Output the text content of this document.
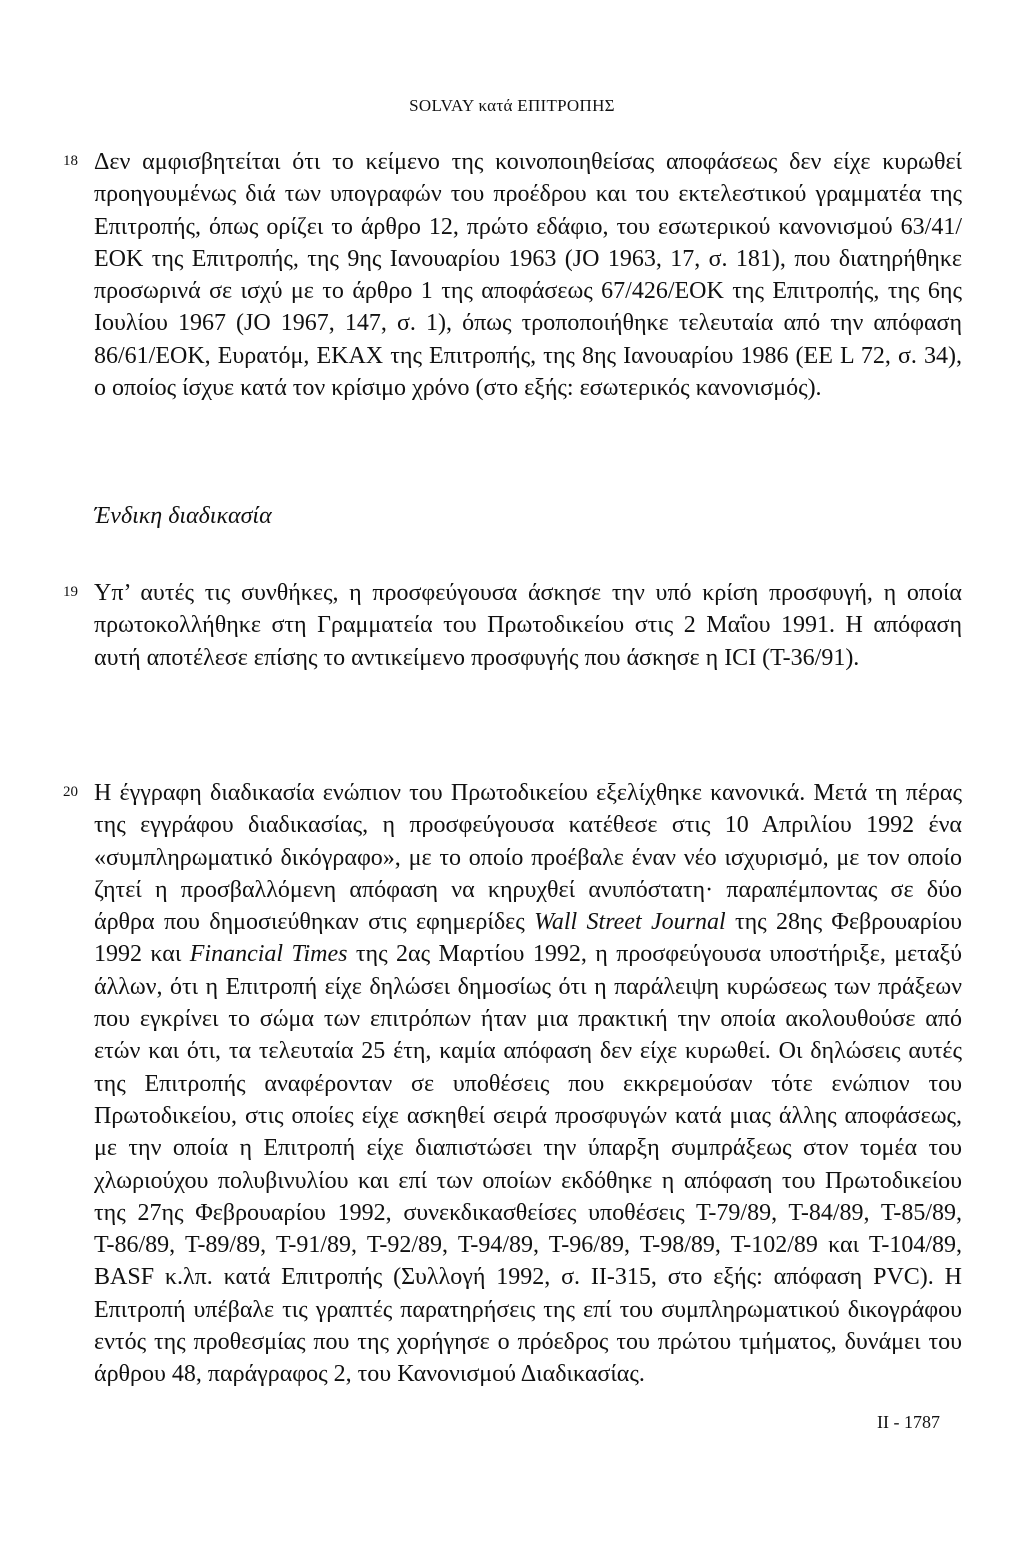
SOLVAY κατά ΕΠΙΤΡΟΠΗΣ
18 Δεν αμφισβητείται ότι το κείμενο της κοινοποιηθείσας αποφάσεως δεν είχε κυρωθεί προηγουμένως διά των υπογραφών του προέδρου και του εκτελεστικού γραμματέα της Επιτροπής, όπως ορίζει το άρθρο 12, πρώτο εδάφιο, του εσωτερικού κανονισμού 63/41/ΕΟΚ της Επιτροπής, της 9ης Ιανουαρίου 1963 (JO 1963, 17, σ. 181), που διατηρήθηκε προσωρινά σε ισχύ με το άρθρο 1 της αποφάσεως 67/426/ΕΟΚ της Επιτροπής, της 6ης Ιουλίου 1967 (JO 1967, 147, σ. 1), όπως τροποποιήθηκε τελευταία από την απόφαση 86/61/ΕΟΚ, Ευρατόμ, ΕΚΑΧ της Επιτροπής, της 8ης Ιανουαρίου 1986 (ΕΕ L 72, σ. 34), ο οποίος ίσχυε κατά τον κρίσιμο χρόνο (στο εξής: εσωτερικός κανονισμός).
Ένδικη διαδικασία
19 Υπ’ αυτές τις συνθήκες, η προσφεύγουσα άσκησε την υπό κρίση προσφυγή, η οποία πρωτοκολλήθηκε στη Γραμματεία του Πρωτοδικείου στις 2 Μαΐου 1991. Η απόφαση αυτή αποτέλεσε επίσης το αντικείμενο προσφυγής που άσκησε η ICI (Τ-36/91).
20 Η έγγραφη διαδικασία ενώπιον του Πρωτοδικείου εξελίχθηκε κανονικά. Μετά τη πέρας της εγγράφου διαδικασίας, η προσφεύγουσα κατέθεσε στις 10 Απριλίου 1992 ένα «συμπληρωματικό δικόγραφο», με το οποίο προέβαλε έναν νέο ισχυρισμό, με τον οποίο ζητεί η προσβαλλόμενη απόφαση να κηρυχθεί ανυπόστατη· παραπέμποντας σε δύο άρθρα που δημοσιεύθηκαν στις εφημερίδες Wall Street Journal της 28ης Φεβρουαρίου 1992 και Financial Times της 2ας Μαρτίου 1992, η προσφεύγουσα υποστήριξε, μεταξύ άλλων, ότι η Επιτροπή είχε δηλώσει δημοσίως ότι η παράλειψη κυρώσεως των πράξεων που εγκρίνει το σώμα των επιτρόπων ήταν μια πρακτική την οποία ακολουθούσε από ετών και ότι, τα τελευταία 25 έτη, καμία απόφαση δεν είχε κυρωθεί. Οι δηλώσεις αυτές της Επιτροπής αναφέρονταν σε υποθέσεις που εκκρεμούσαν τότε ενώπιον του Πρωτοδικείου, στις οποίες είχε ασκηθεί σειρά προσφυγών κατά μιας άλλης αποφάσεως, με την οποία η Επιτροπή είχε διαπιστώσει την ύπαρξη συμπράξεως στον τομέα του χλωριούχου πολυβινυλίου και επί των οποίων εκδόθηκε η απόφαση του Πρωτοδικείου της 27ης Φεβρουαρίου 1992, συνεκδικασθείσες υποθέσεις Τ-79/89, Τ-84/89, Τ-85/89, Τ-86/89, Τ-89/89, Τ-91/89, Τ-92/89, Τ-94/89, Τ-96/89, Τ-98/89, Τ-102/89 και Τ-104/89, BASF κ.λπ. κατά Επιτροπής (Συλλογή 1992, σ. II-315, στο εξής: απόφαση PVC). Η Επιτροπή υπέβαλε τις γραπτές παρατηρήσεις της επί του συμπληρωματικού δικογράφου εντός της προθεσμίας που της χορήγησε ο πρόεδρος του πρώτου τμήματος, δυνάμει του άρθρου 48, παράγραφος 2, του Κανονισμού Διαδικασίας.
II - 1787
